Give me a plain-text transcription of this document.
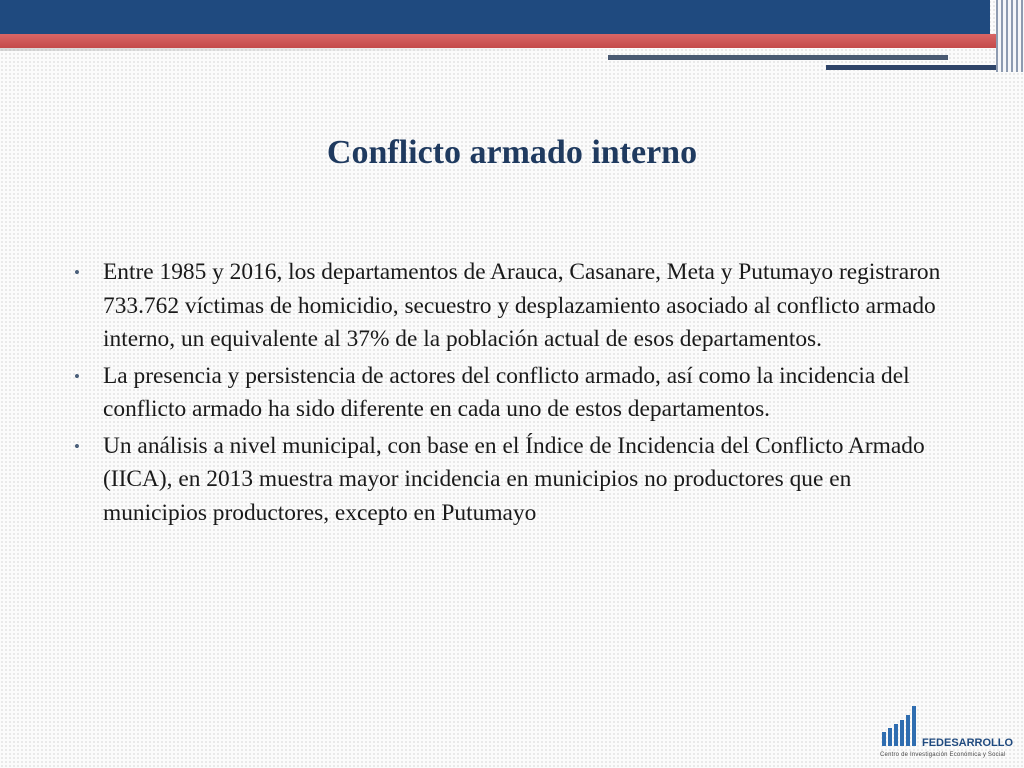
Conflicto armado interno
• Entre 1985 y 2016, los departamentos de Arauca, Casanare, Meta y Putumayo registraron 733.762 víctimas de homicidio, secuestro y desplazamiento asociado al conflicto armado interno, un equivalente al 37% de la población actual de esos departamentos.
• La presencia y persistencia de actores del conflicto armado, así como la incidencia del conflicto armado ha sido diferente en cada uno de estos departamentos.
• Un análisis a nivel municipal, con base en el Índice de Incidencia del Conflicto Armado (IICA), en 2013 muestra mayor incidencia en municipios no productores que en municipios productores, excepto en Putumayo
FEDESARROLLO
Centro de Investigación Económica y Social
